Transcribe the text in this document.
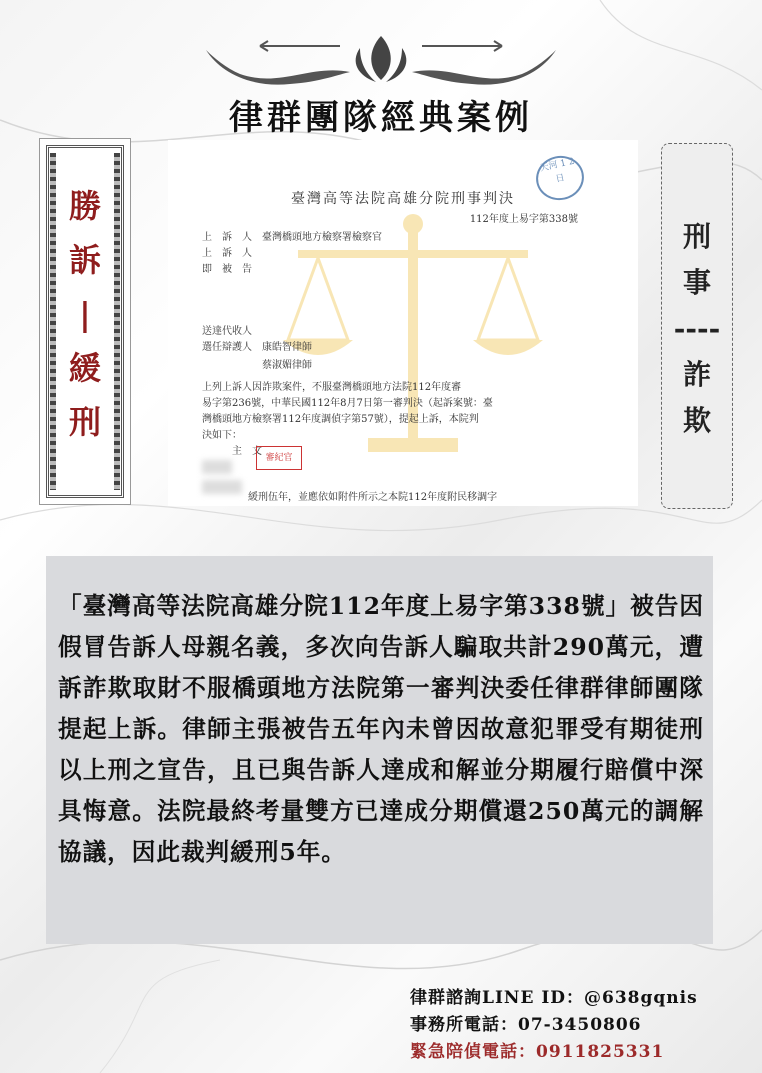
律群團隊經典案例
勝
訴
|
緩
刑
天河 1 2 日
臺灣高等法院高雄分院刑事判決
112年度上易字第338號
上　訴　人　臺灣橋頭地方檢察署檢察官
上　訴　人
即　被　告
送達代收人
選任辯護人　康皓智律師
　　　　　　蔡淑媚律師
上列上訴人因詐欺案件，不服臺灣橋頭地方法院112年度審
易字第236號，中華民國112年8月7日第一審判決（起訴案號：臺
灣橋頭地方檢察署112年度調偵字第57號），提起上訴，本院判
決如下：
主　文
審紀官
緩刑伍年，並應依如附件所示之本院112年度附民移調字
刑
事
----
詐
欺
「臺灣高等法院高雄分院112年度上易字第338號」被告因假冒告訴人母親名義，多次向告訴人騙取共計290萬元，遭訴詐欺取財不服橋頭地方法院第一審判決委任律群律師團隊提起上訴。律師主張被告五年內未曾因故意犯罪受有期徒刑以上刑之宣告，且已與告訴人達成和解並分期履行賠償中深具悔意。法院最終考量雙方已達成分期償還250萬元的調解協議，因此裁判緩刑5年。
律群諮詢LINE ID：@638gqnis
事務所電話：07-3450806
緊急陪偵電話：0911825331
